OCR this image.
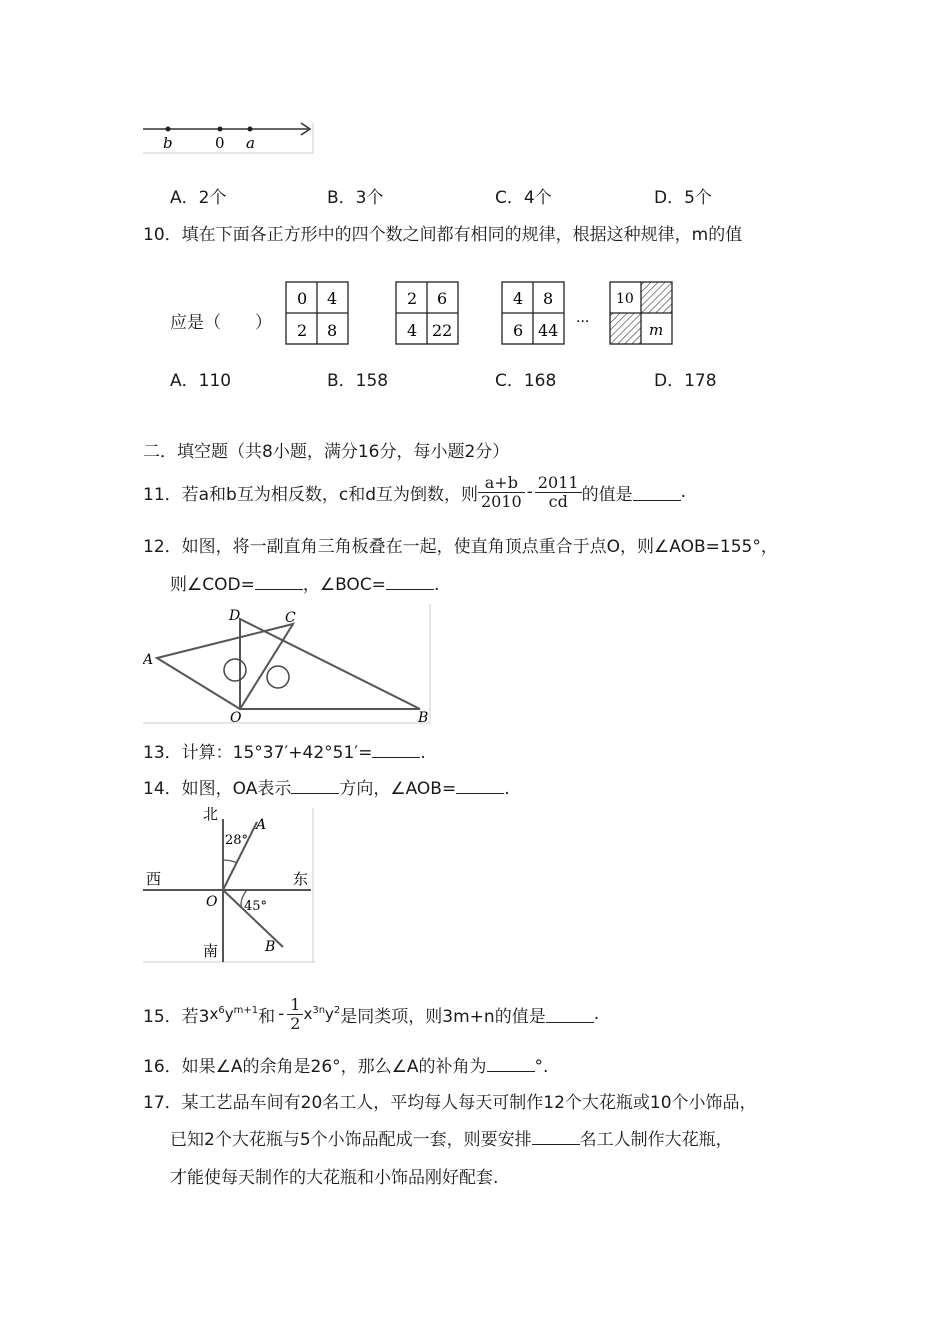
b	0 a
A．2个	B．3个	C．4个	D．5个
10．填在下面各正方形中的四个数之间都有相同的规律，根据这种规律，m的值
应是（　　）
0 4
2 8
2 6
4 22
4 8
6 44 ···
10
m
A．110	B．158	C．168	D．178
二．填空题（共8小题，满分16分，每小题2分）
11． 若a和b互为相反数，c和d互为倒数，则 $\frac{a+b}{2010} - \frac{2011}{cd}$ 的值是	.
12．如图，将一副直角三角板叠在一起，使直角顶点重合于点O，则∠AOB=155°，
则∠COD=	，∠BOC=	.
A
D	C
O	B
13．计算：15°37′+42°51′=	.
14．如图，OA表示	方向，∠AOB=	.
北
南
西	东
A
B
O
28°
45°
15． 若3 $x^6y^{m+1}$ 和 - $\frac{1}{2} x^{3n}y^2$ 是同类项，则3m+n的值是	.
16．如果∠A的余角是26°，那么∠A的补角为	°.
17．某工艺品车间有20名工人，平均每人每天可制作12个大花瓶或10个小饰品，
已知2个大花瓶与5个小饰品配成一套，则要安排	名工人制作大花瓶，
才能使每天制作的大花瓶和小饰品刚好配套.
